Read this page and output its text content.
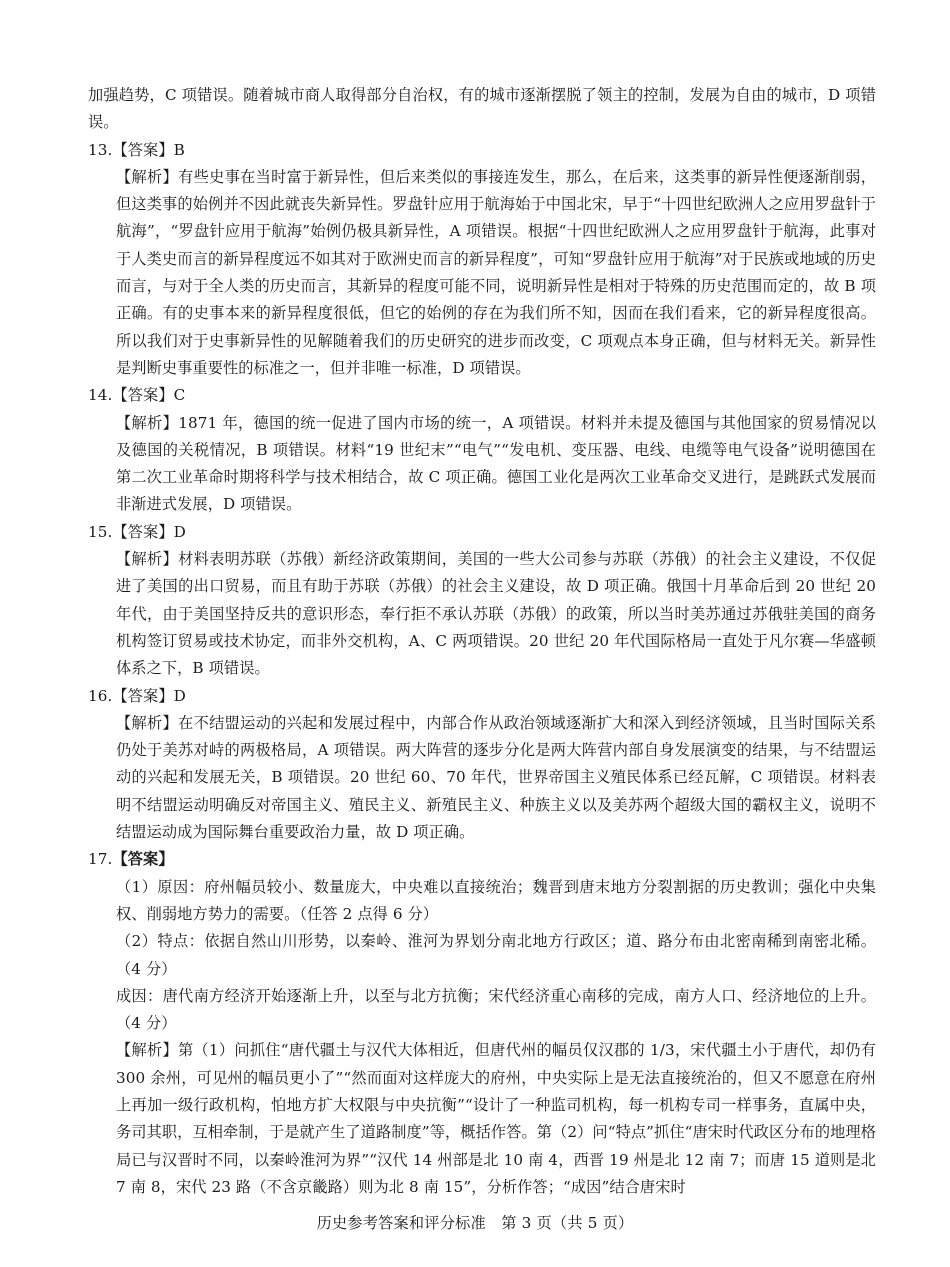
加强趋势，C 项错误。随着城市商人取得部分自治权，有的城市逐渐摆脱了领主的控制，发展为自由的城市，D 项错误。

13.【答案】B

【解析】有些史事在当时富于新异性，但后来类似的事接连发生，那么，在后来，这类事的新异性便逐渐削弱，但这类事的始例并不因此就丧失新异性。罗盘针应用于航海始于中国北宋，早于“十四世纪欧洲人之应用罗盘针于航海”，“罗盘针应用于航海”始例仍极具新异性，A 项错误。根据“十四世纪欧洲人之应用罗盘针于航海，此事对于人类史而言的新异程度远不如其对于欧洲史而言的新异程度”，可知“罗盘针应用于航海”对于民族或地域的历史而言，与对于全人类的历史而言，其新异的程度可能不同，说明新异性是相对于特殊的历史范围而定的，故 B 项正确。有的史事本来的新异程度很低，但它的始例的存在为我们所不知，因而在我们看来，它的新异程度很高。所以我们对于史事新异性的见解随着我们的历史研究的进步而改变，C 项观点本身正确，但与材料无关。新异性是判断史事重要性的标准之一，但并非唯一标准，D 项错误。

14.【答案】C

【解析】1871 年，德国的统一促进了国内市场的统一，A 项错误。材料并未提及德国与其他国家的贸易情况以及德国的关税情况，B 项错误。材料“19 世纪末”“电气”“发电机、变压器、电线、电缆等电气设备”说明德国在第二次工业革命时期将科学与技术相结合，故 C 项正确。德国工业化是两次工业革命交叉进行，是跳跃式发展而非渐进式发展，D 项错误。

15.【答案】D

【解析】材料表明苏联（苏俄）新经济政策期间，美国的一些大公司参与苏联（苏俄）的社会主义建设，不仅促进了美国的出口贸易，而且有助于苏联（苏俄）的社会主义建设，故 D 项正确。俄国十月革命后到 20 世纪 20 年代，由于美国坚持反共的意识形态，奉行拒不承认苏联（苏俄）的政策，所以当时美苏通过苏俄驻美国的商务机构签订贸易或技术协定，而非外交机构，A、C 两项错误。20 世纪 20 年代国际格局一直处于凡尔赛—华盛顿体系之下，B 项错误。

16.【答案】D

【解析】在不结盟运动的兴起和发展过程中，内部合作从政治领域逐渐扩大和深入到经济领域，且当时国际关系仍处于美苏对峙的两极格局，A 项错误。两大阵营的逐步分化是两大阵营内部自身发展演变的结果，与不结盟运动的兴起和发展无关，B 项错误。20 世纪 60、70 年代，世界帝国主义殖民体系已经瓦解，C 项错误。材料表明不结盟运动明确反对帝国主义、殖民主义、新殖民主义、种族主义以及美苏两个超级大国的霸权主义，说明不结盟运动成为国际舞台重要政治力量，故 D 项正确。

17.【答案】

（1）原因：府州幅员较小、数量庞大，中央难以直接统治；魏晋到唐末地方分裂割据的历史教训；强化中央集权、削弱地方势力的需要。（任答 2 点得 6 分）

（2）特点：依据自然山川形势，以秦岭、淮河为界划分南北地方行政区；道、路分布由北密南稀到南密北稀。（4 分）

成因：唐代南方经济开始逐渐上升，以至与北方抗衡；宋代经济重心南移的完成，南方人口、经济地位的上升。（4 分）

【解析】第（1）问抓住“唐代疆土与汉代大体相近，但唐代州的幅员仅汉郡的 1/3，宋代疆土小于唐代，却仍有 300 余州，可见州的幅员更小了”“然而面对这样庞大的府州，中央实际上是无法直接统治的，但又不愿意在府州上再加一级行政机构，怕地方扩大权限与中央抗衡”“设计了一种监司机构，每一机构专司一样事务，直属中央，务司其职，互相牵制，于是就产生了道路制度”等，概括作答。第（2）问“特点”抓住“唐宋时代政区分布的地理格局已与汉晋时不同，以秦岭淮河为界”“汉代 14 州部是北 10 南 4，西晋 19 州是北 12 南 7；而唐 15 道则是北 7 南 8，宋代 23 路（不含京畿路）则为北 8 南 15”，分析作答；“成因”结合唐宋时

历史参考答案和评分标准　第 3 页（共 5 页）
